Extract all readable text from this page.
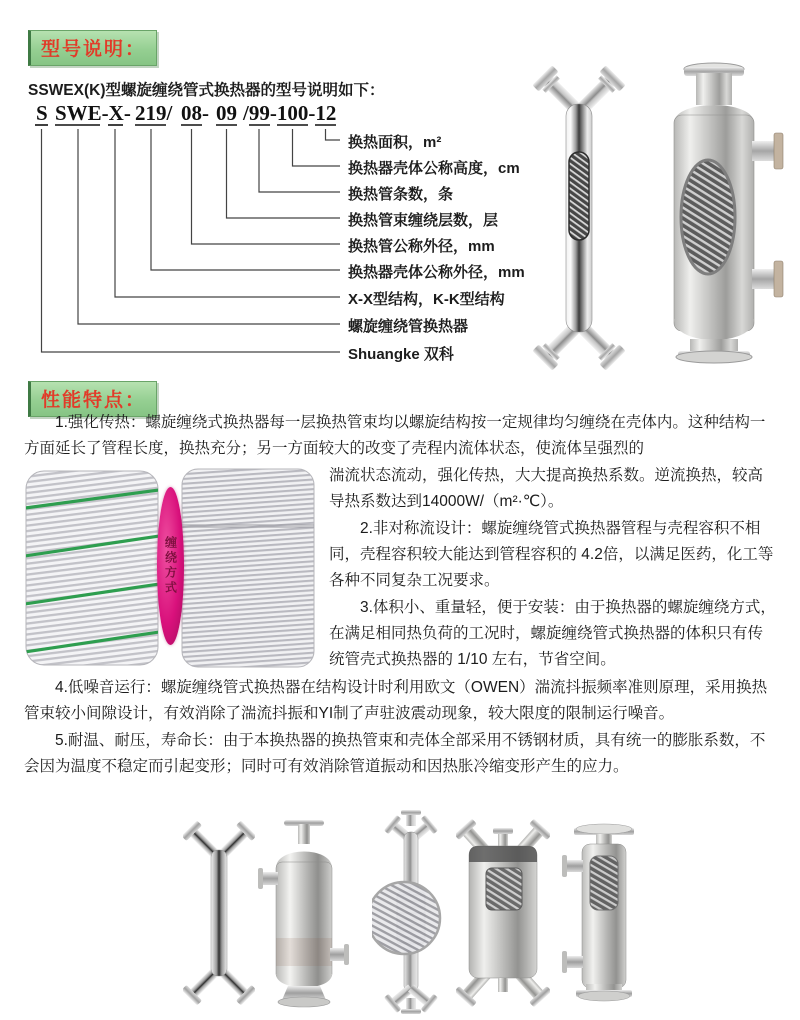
型号说明：
SSWEX(K)型螺旋缠绕管式换热器的型号说明如下：
S SWE-X- 219/ 08- 09 /99-100-12
换热面积，m²
换热器壳体公称高度，cm
换热管条数，条
换热管束缠绕层数，层
换热管公称外径，mm
换热器壳体公称外径，mm
X-X型结构，K-K型结构
螺旋缠绕管换热器
Shuangke 双科
性能特点：

1.强化传热：螺旋缠绕式换热器每一层换热管束均以螺旋结构按一定规律均匀缠绕在壳体内。这种结构一方面延长了管程长度，换热充分；另一方面较大的改变了壳程内流体状态，使流体呈强烈的

缠绕方式

湍流状态流动，强化传热，大大提高换热系数。逆流换热，较高导热系数达到14000W/（m²·℃）。

2.非对称流设计：螺旋缠绕管式换热器管程与壳程容积不相同，壳程容积较大能达到管程容积的 4.2倍，以满足医药，化工等各种不同复杂工况要求。

3.体积小、重量轻，便于安装：由于换热器的螺旋缠绕方式，在满足相同热负荷的工况时，螺旋缠绕管式换热器的体积只有传统管壳式换热器的 1/10 左右，节省空间。

4.低噪音运行：螺旋缠绕管式换热器在结构设计时利用欧文（OWEN）湍流抖振频率准则原理，采用换热管束较小间隙设计，有效消除了湍流抖振和YI制了声驻波震动现象，较大限度的限制运行噪音。

5.耐温、耐压，寿命长：由于本换热器的换热管束和壳体全部采用不锈钢材质，具有统一的膨胀系数，不会因为温度不稳定而引起变形；同时可有效消除管道振动和因热胀冷缩变形产生的应力。
